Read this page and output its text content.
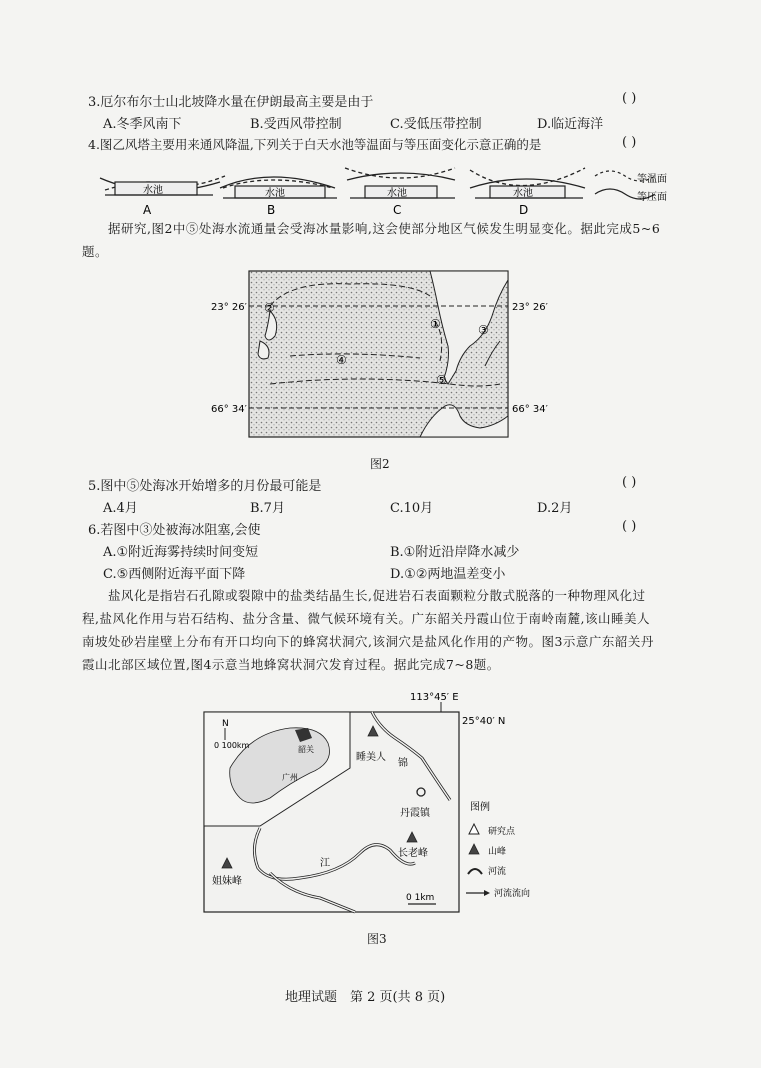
3.厄尔布尔士山北坡降水量在伊朗最高主要是由于	( )
A.冬季风南下	B.受西风带控制	C.受低压带控制	D.临近海洋
4.图乙风塔主要用来通风降温,下列关于白天水池等温面与等压面变化示意正确的是	( )
水池
A
水池
B
水池
C
水池
D
等温面
等压面
据研究,图2中⑤处海水流通量会受海冰量影响,这会使部分地区气候发生明显变化。据此完成5~6题。
23° 26′	23° 26′
66° 34′	66° 34′
①
②
③
④
⑤
图2
5.图中⑤处海冰开始增多的月份最可能是	( )
A.4月	B.7月	C.10月	D.2月
6.若图中③处被海冰阻塞,会使	( )
A.①附近海雾持续时间变短	B.①附近沿岸降水减少
C.⑤西侧附近海平面下降	D.①②两地温差变小
盐风化是指岩石孔隙或裂隙中的盐类结晶生长,促进岩石表面颗粒分散式脱落的一种物理风化过程,盐风化作用与岩石结构、盐分含量、微气候环境有关。广东韶关丹霞山位于南岭南麓,该山睡美人南坡处砂岩崖壁上分布有开口均向下的蜂窝状洞穴,该洞穴是盐风化作用的产物。图3示意广东韶关丹霞山北部区域位置,图4示意当地蜂窝状洞穴发育过程。据此完成7~8题。
N
0 100km	韶关
广州
113°45′ E
25°40′ N
睡美人
丹霞镇
长老峰
姐妹峰
锦
江
0 1km
图例
研究点
山峰
河流
河流流向
图3
地理试题　第 2 页(共 8 页)
